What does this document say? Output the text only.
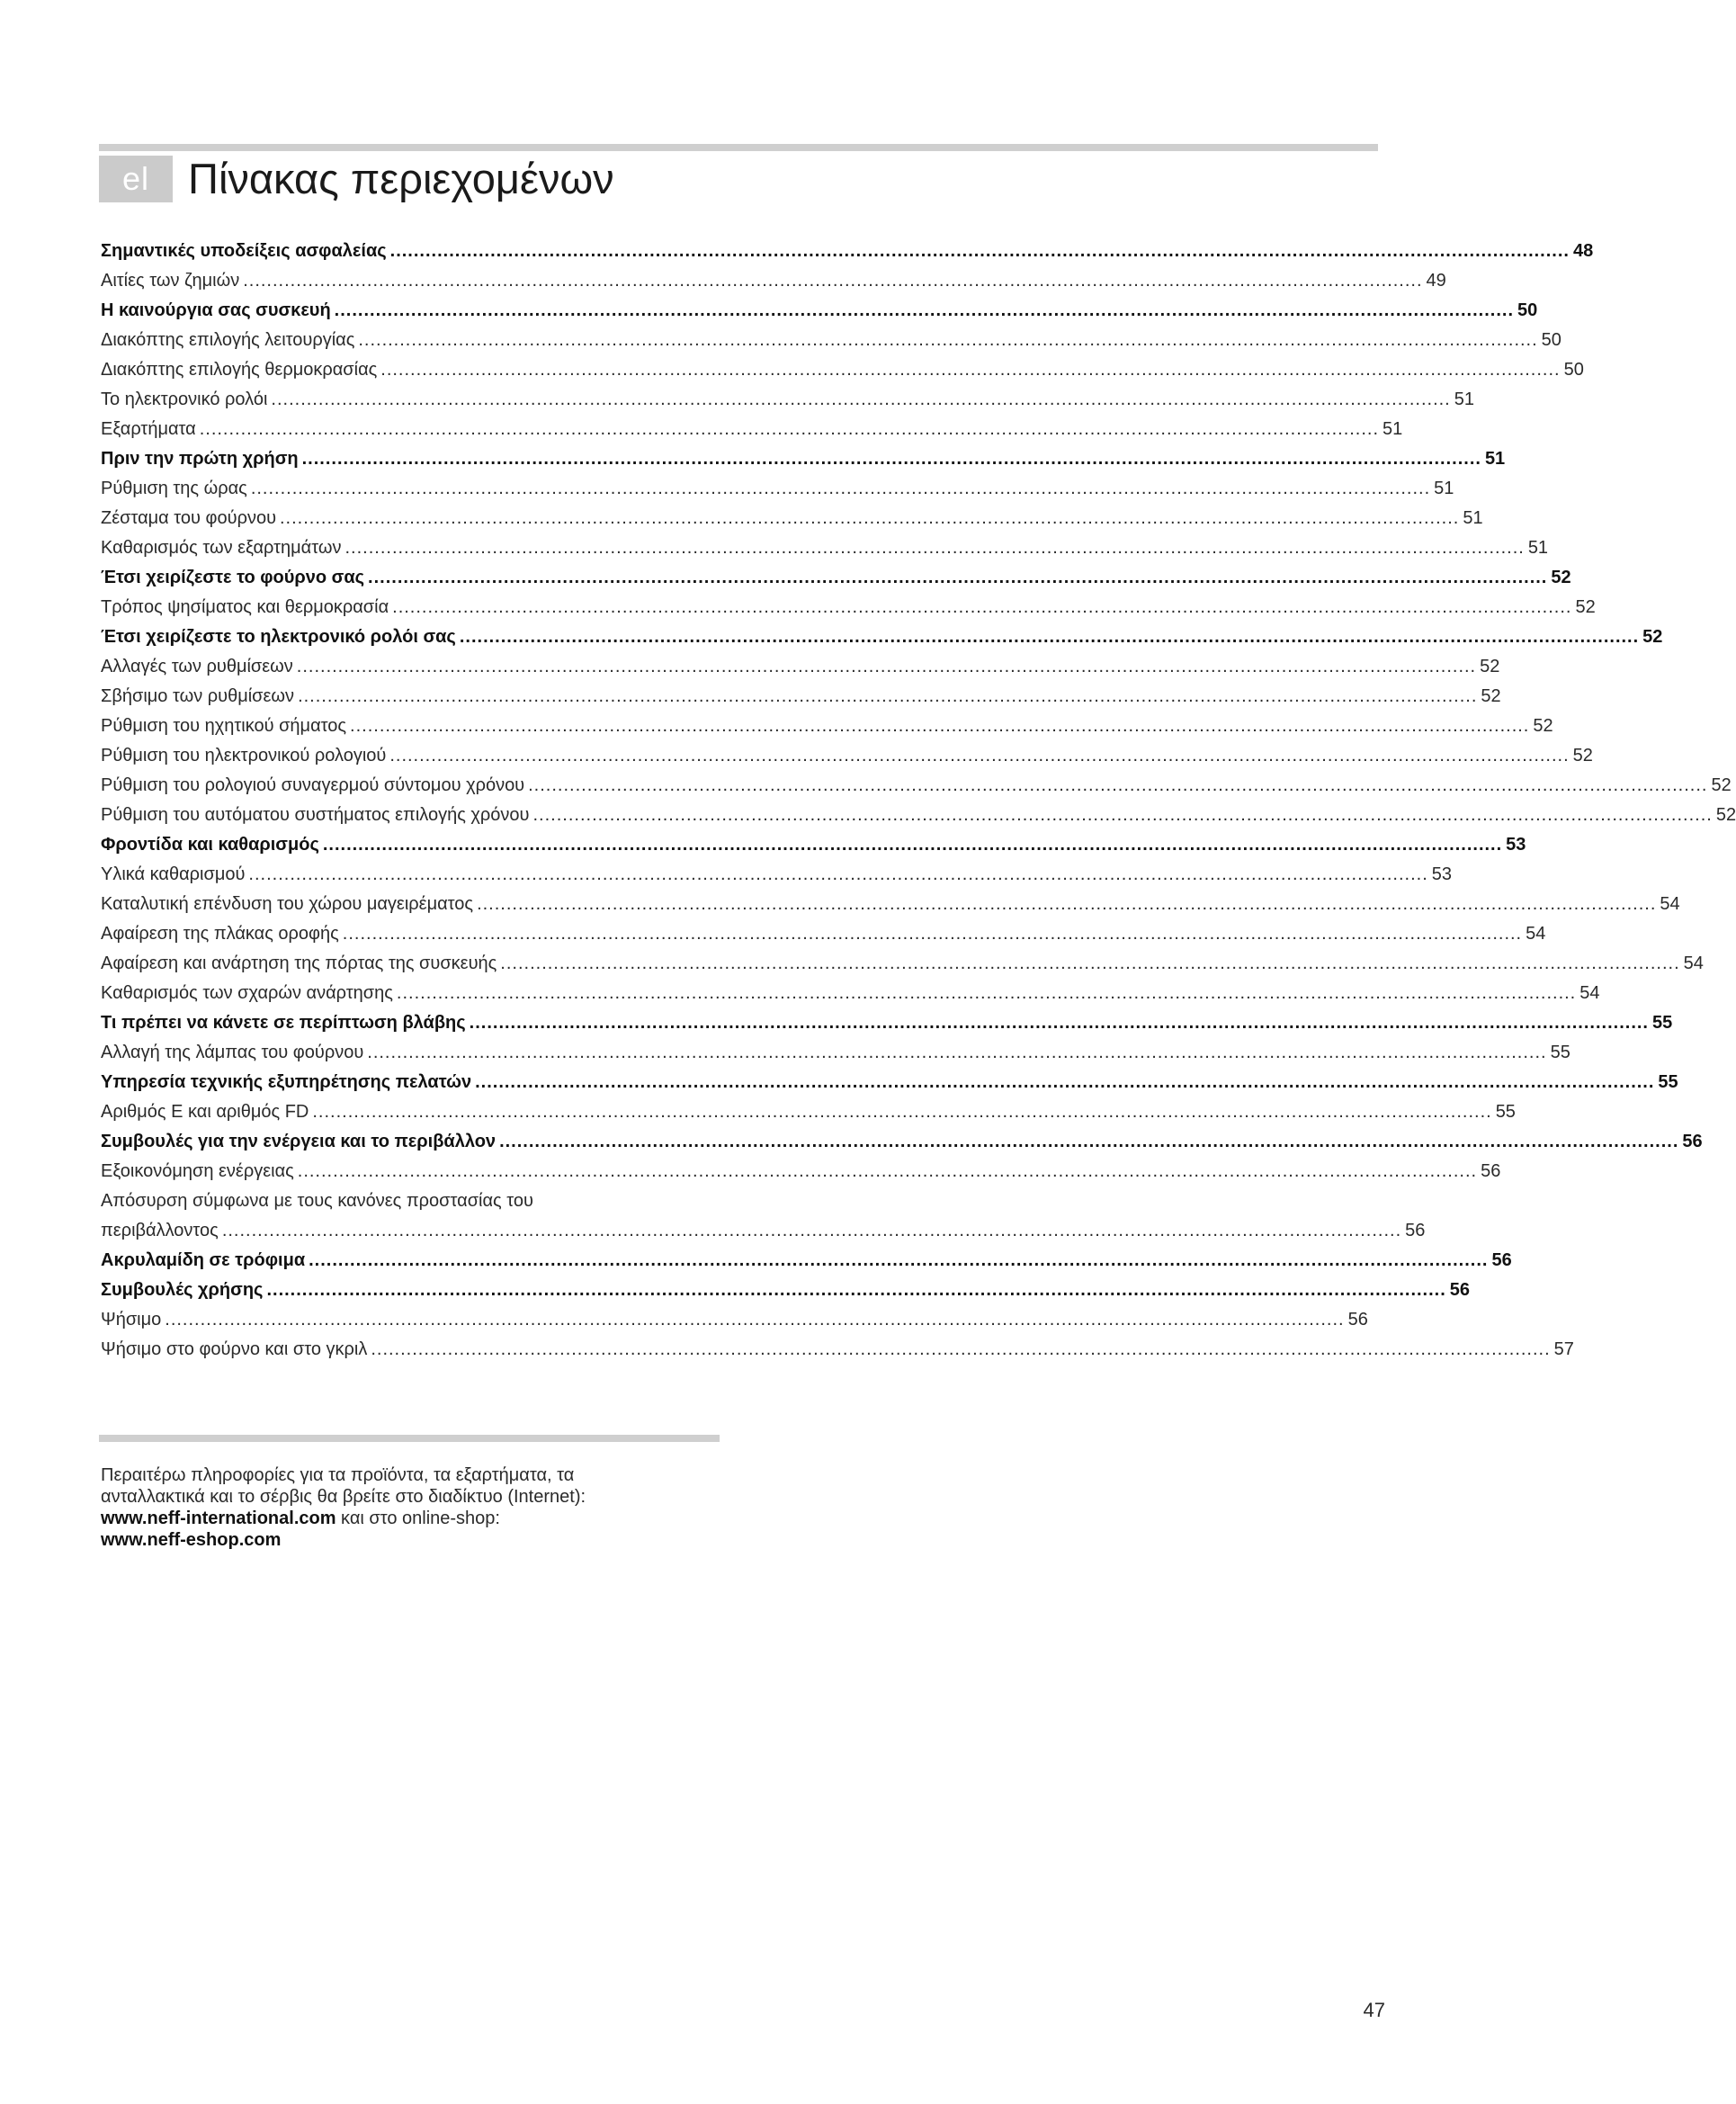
el Πίνακας περιεχομένων
Σημαντικές υποδείξεις ασφαλείας .....	48
Αιτίες των ζημιών .....	49
Η καινούργια σας συσκευή .....	50
Διακόπτης επιλογής λειτουργίας .....	50
Διακόπτης επιλογής θερμοκρασίας .....	50
Το ηλεκτρονικό ρολόι .....	51
Εξαρτήματα .....	51
Πριν την πρώτη χρήση .....	51
Ρύθμιση της ώρας .....	51
Ζέσταμα του φούρνου .....	51
Καθαρισμός των εξαρτημάτων .....	51
Έτσι χειρίζεστε το φούρνο σας .....	52
Τρόπος ψησίματος και θερμοκρασία .....	52
Έτσι χειρίζεστε το ηλεκτρονικό ρολόι σας .....	52
Αλλαγές των ρυθμίσεων .....	52
Σβήσιμο των ρυθμίσεων .....	52
Ρύθμιση του ηχητικού σήματος .....	52
Ρύθμιση του ηλεκτρονικού ρολογιού .....	52
Ρύθμιση του ρολογιού συναγερμού σύντομου χρόνου .....	52
Ρύθμιση του αυτόματου συστήματος επιλογής χρόνου .....	52
Φροντίδα και καθαρισμός .....	53
Υλικά καθαρισμού .....	53
Καταλυτική επένδυση του χώρου μαγειρέματος .....	54
Αφαίρεση της πλάκας οροφής .....	54
Αφαίρεση και ανάρτηση της πόρτας της συσκευής .....	54
Καθαρισμός των σχαρών ανάρτησης .....	54
Τι πρέπει να κάνετε σε περίπτωση βλάβης .....	55
Αλλαγή της λάμπας του φούρνου .....	55
Υπηρεσία τεχνικής εξυπηρέτησης πελατών .....	55
Αριθμός Ε και αριθμός FD .....	55
Συμβουλές για την ενέργεια και το περιβάλλον .....	56
Εξοικονόμηση ενέργειας .....	56
Απόσυρση σύμφωνα με τους κανόνες προστασίας του
περιβάλλοντος .....	56
Ακρυλαμίδη σε τρόφιμα .....	56
Συμβουλές χρήσης .....	56
Ψήσιμο .....	56
Ψήσιμο στο φούρνο και στο γκριλ .....	57

Περαιτέρω πληροφορίες για τα προϊόντα, τα εξαρτήματα, τα
ανταλλακτικά και το σέρβις θα βρείτε στο διαδίκτυο (Internet):
www.neff-international.com και στο online-shop:
www.neff-eshop.com

47
